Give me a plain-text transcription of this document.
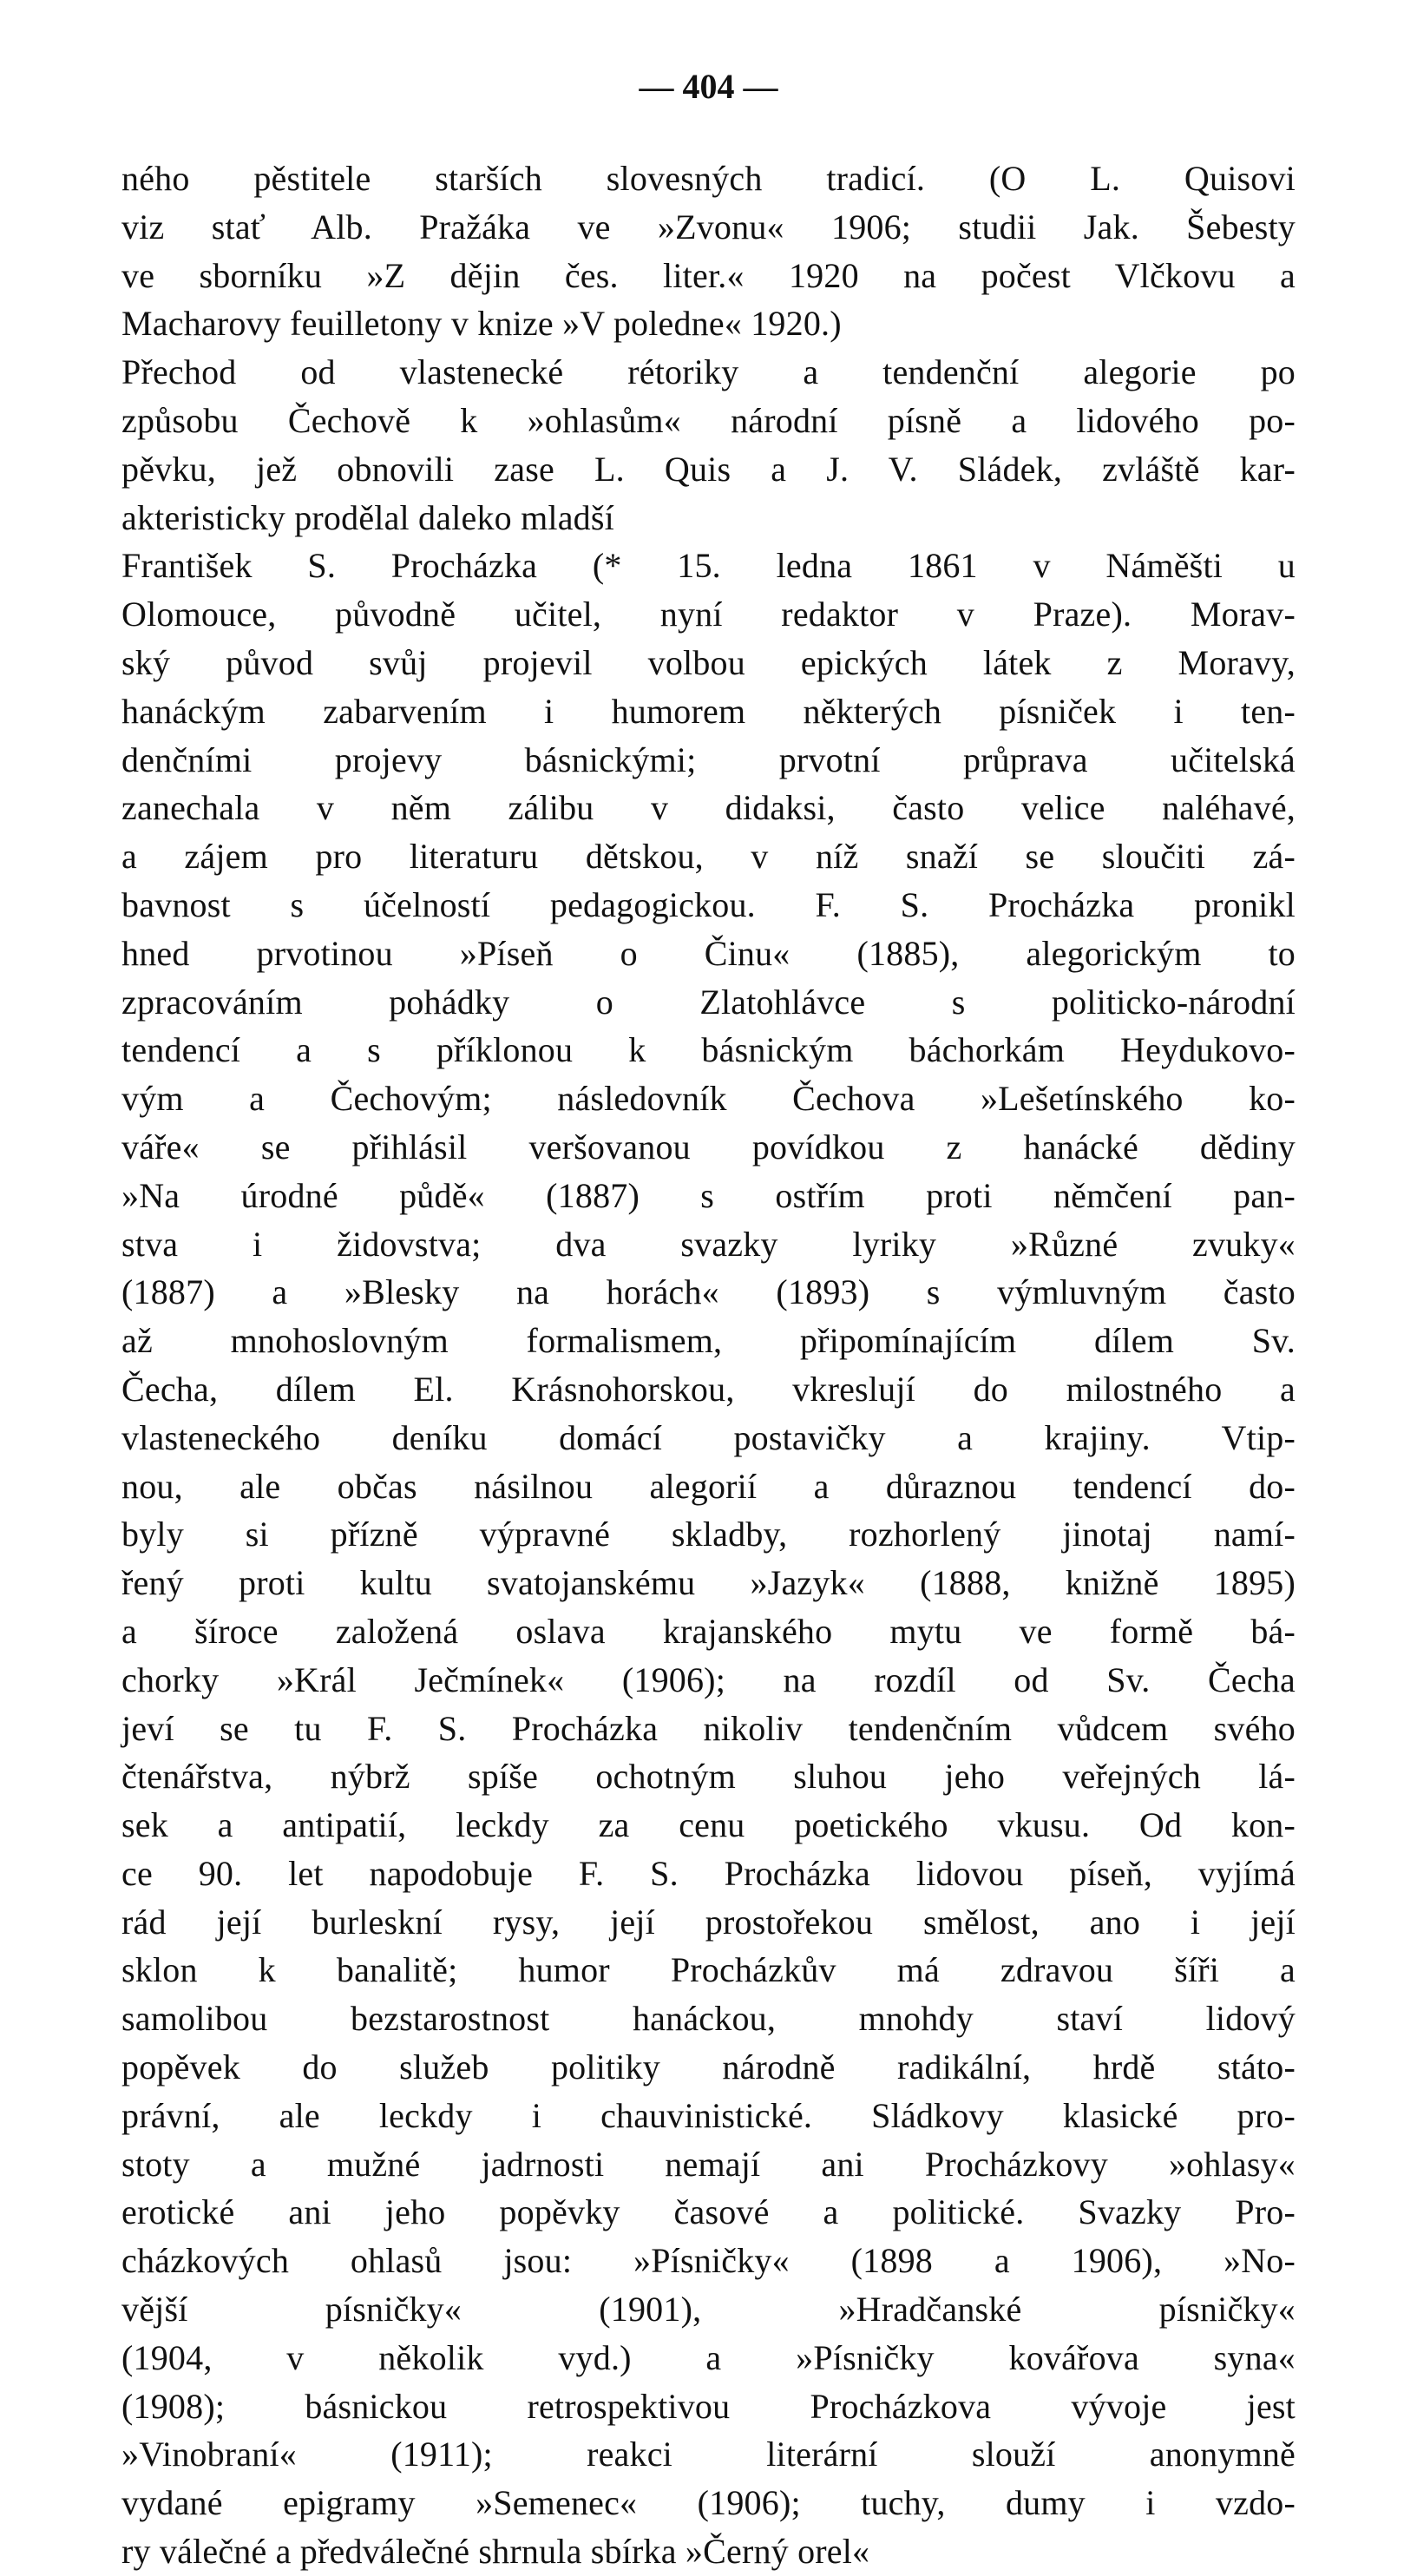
— 404 —
ného pěstitele starších slovesných tradicí. (O L. Quisovi
viz stať Alb. Pražáka ve »Zvonu« 1906; studii Jak. Šebesty
ve sborníku »Z dějin čes. liter.« 1920 na počest Vlčkovu a
Macharovy feuilletony v knize »V poledne« 1920.)
Přechod od vlastenecké rétoriky a tendenční alegorie po
způsobu Čechově k »ohlasům« národní písně a lidového po-
pěvku, jež obnovili zase L. Quis a J. V. Sládek, zvláště kar-
akteristicky prodělal daleko mladší
František S. Procházka (* 15. ledna 1861 v Náměšti u
Olomouce, původně učitel, nyní redaktor v Praze). Morav-
ský původ svůj projevil volbou epických látek z Moravy,
hanáckým zabarvením i humorem některých písniček i ten-
denčními projevy básnickými; prvotní průprava učitelská
zanechala v něm zálibu v didaksi, často velice naléhavé,
a zájem pro literaturu dětskou, v níž snaží se sloučiti zá-
bavnost s účelností pedagogickou. F. S. Procházka pronikl
hned prvotinou »Píseň o Činu« (1885), alegorickým to
zpracováním pohádky o Zlatohlávce s politicko-národní
tendencí a s příklonou k básnickým báchorkám Heydukovo-
vým a Čechovým; následovník Čechova »Lešetínského ko-
váře« se přihlásil veršovanou povídkou z hanácké dědiny
»Na úrodné půdě« (1887) s ostřím proti němčení pan-
stva i židovstva; dva svazky lyriky »Různé zvuky«
(1887) a »Blesky na horách« (1893) s výmluvným často
až mnohoslovným formalismem, připomínajícím dílem Sv.
Čecha, dílem El. Krásnohorskou, vkreslují do milostného a
vlasteneckého deníku domácí postavičky a krajiny. Vtip-
nou, ale občas násilnou alegorií a důraznou tendencí do-
byly si přízně výpravné skladby, rozhorlený jinotaj namí-
řený proti kultu svatojanskému »Jazyk« (1888, knižně 1895)
a šíroce založená oslava krajanského mytu ve formě bá-
chorky »Král Ječmínek« (1906); na rozdíl od Sv. Čecha
jeví se tu F. S. Procházka nikoliv tendenčním vůdcem svého
čtenářstva, nýbrž spíše ochotným sluhou jeho veřejných lá-
sek a antipatií, leckdy za cenu poetického vkusu. Od kon-
ce 90. let napodobuje F. S. Procházka lidovou píseň, vyjímá
rád její burleskní rysy, její prostořekou smělost, ano i její
sklon k banalitě; humor Procházkův má zdravou šíři a
samolibou bezstarostnost hanáckou, mnohdy staví lidový
popěvek do služeb politiky národně radikální, hrdě státo-
právní, ale leckdy i chauvinistické. Sládkovy klasické pro-
stoty a mužné jadrnosti nemají ani Procházkovy »ohlasy«
erotické ani jeho popěvky časové a politické. Svazky Pro-
cházkových ohlasů jsou: »Písničky« (1898 a 1906), »No-
vější písničky« (1901), »Hradčanské písničky«
(1904, v několik vyd.) a »Písničky kovářova syna«
(1908); básnickou retrospektivou Procházkova vývoje jest
»Vinobraní« (1911); reakci literární slouží anonymně
vydané epigramy »Semenec« (1906); tuchy, dumy i vzdo-
ry válečné a předválečné shrnula sbírka »Černý orel«
